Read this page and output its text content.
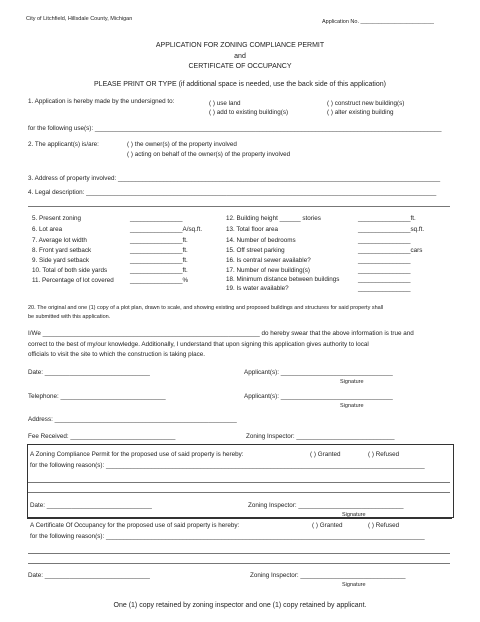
City of Litchfield, Hillsdale County, Michigan	Application No. ________________________
APPLICATION FOR ZONING COMPLIANCE PERMIT
and
CERTIFICATE OF OCCUPANCY
PLEASE PRINT OR TYPE (if additional space is needed, use the back side of this application)
1. Application is hereby made by the undersigned to:	( ) use land
( ) add to existing building(s)
( ) construct new building(s)
( ) alter existing building
for the following use(s): ___________________________________________________________________________________________________
2. The applicant(s) is/are:	( ) the owner(s) of the property involved
( ) acting on behalf of the owner(s) of the property involved
3. Address of property involved: ____________________________________________________________________________________________
4. Legal description: ____________________________________________________________________________________________________
5. Present zoning	_______________
6. Lot area	_______________A/sq.ft.
7. Average lot width	_______________ft.
8. Front yard setback	_______________ft.
9. Side yard setback	_______________ft.
10. Total of both side yards	_______________ft.
11. Percentage of lot covered	_______________%
12. Building height ______ stories	_______________ft.
13. Total floor area	_______________sq.ft.
14. Number of bedrooms	_______________
15. Off street parking	_______________cars
16. Is central sewer available?	_______________
17. Number of new building(s)	_______________
18. Minimum distance between buildings	_______________
19. Is water available?	_______________
20. The original and one (1) copy of a plot plan, drawn to scale, and showing existing and proposed buildings and structures for said property shall
be submitted with this application.
I/We ______________________________________________________________ do hereby swear that the above information is true and
correct to the best of my/our knowledge. Additionally, I understand that upon signing this application gives authority to local
officials to visit the site to which the construction is taking place.
Date: ______________________________	Applicant(s): ________________________________
Signature
Telephone: ______________________________	Applicant(s): ________________________________
Signature
Address: ____________________________________________________
Fee Received: ______________________________	Zoning Inspector: ____________________________
A Zoning Compliance Permit for the proposed use of said property is hereby:	( ) Granted	( ) Refused
for the following reason(s): ___________________________________________________________________________________________
Date: ______________________________	Zoning Inspector: ______________________________
Signature
A Certificate Of Occupancy for the proposed use of said property is hereby:	( ) Granted	( ) Refused
for the following reason(s): ___________________________________________________________________________________________
Date: ______________________________	Zoning Inspector: ______________________________
Signature
One (1) copy retained by zoning inspector and one (1) copy retained by applicant.
